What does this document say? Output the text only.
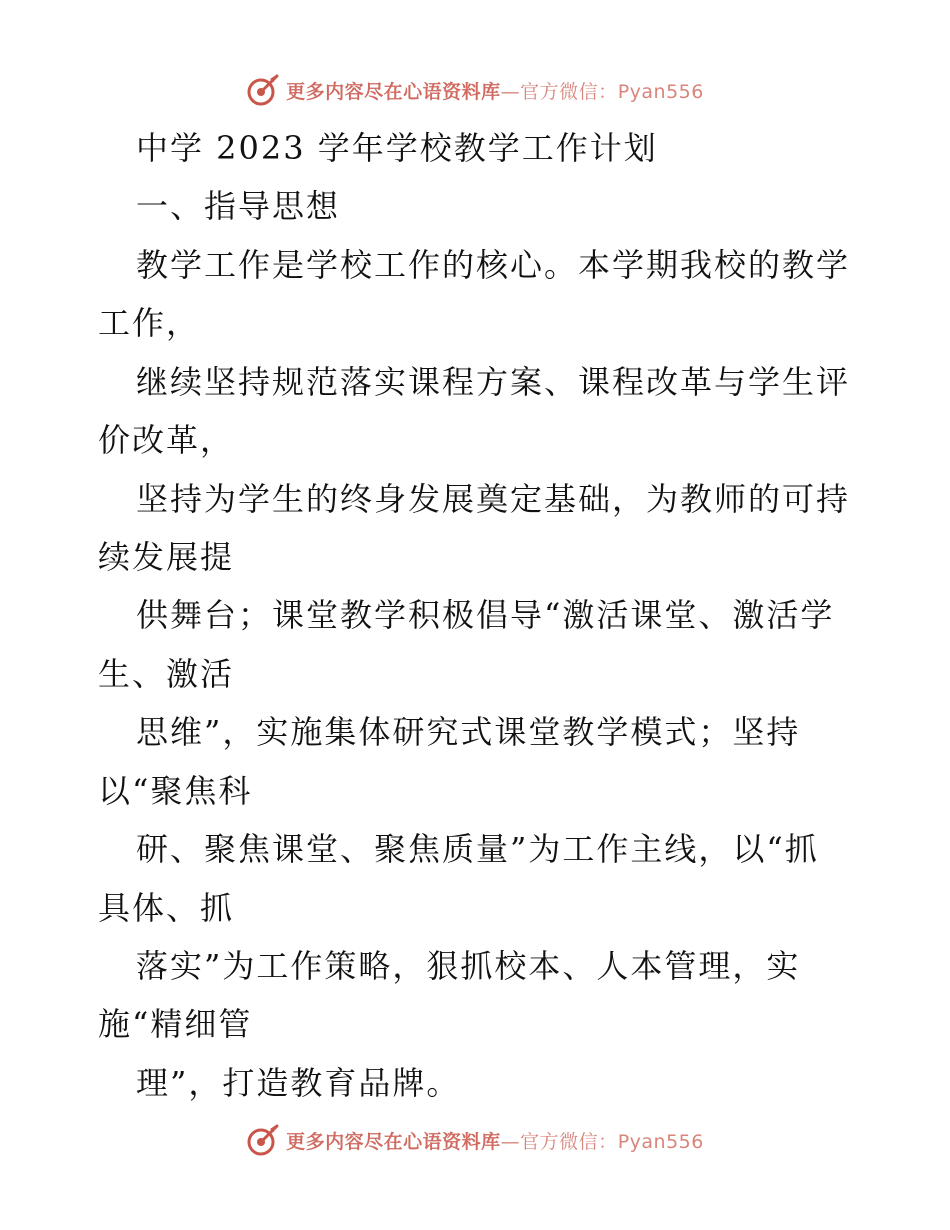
更多内容尽在心语资料库—官方微信：Pyan556
中学 2023 学年学校教学工作计划
一、指导思想
教学工作是学校工作的核心。本学期我校的教学
工作，
继续坚持规范落实课程方案、课程改革与学生评
价改革，
坚持为学生的终身发展奠定基础，为教师的可持
续发展提
供舞台；课堂教学积极倡导“激活课堂、激活学
生、激活
思维”，实施集体研究式课堂教学模式；坚持
以“聚焦科
研、聚焦课堂、聚焦质量”为工作主线，以“抓
具体、抓
落实”为工作策略，狠抓校本、人本管理，实
施“精细管
理”，打造教育品牌。
更多内容尽在心语资料库—官方微信：Pyan556
